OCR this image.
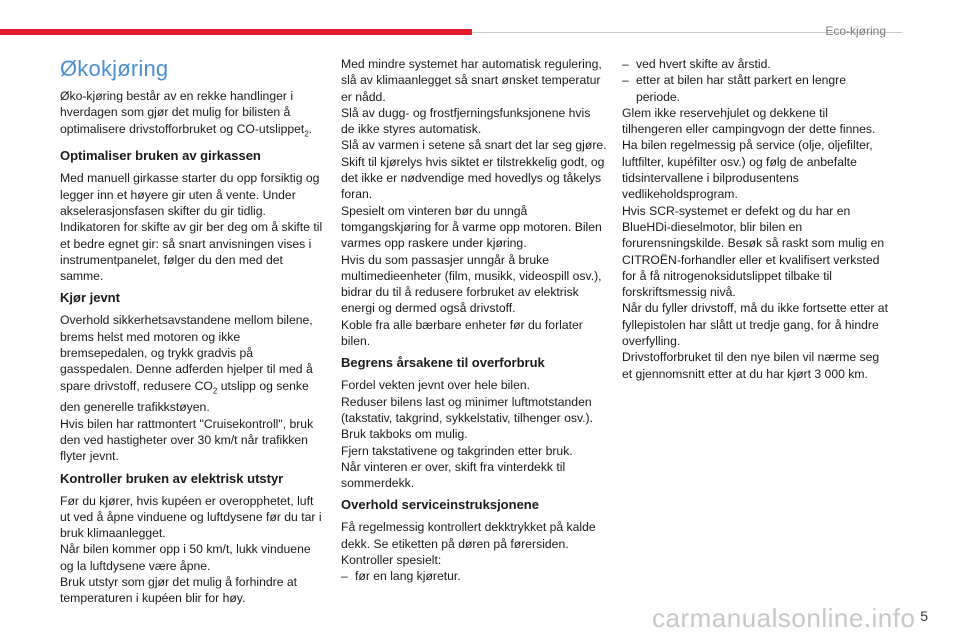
Eco-kjøring
Økokjøring

Øko-kjøring består av en rekke handlinger i hverdagen som gjør det mulig for bilisten å optimalisere drivstofforbruket og CO-utslippet$_2$.

Optimaliser bruken av girkassen

Med manuell girkasse starter du opp forsiktig og legger inn et høyere gir uten å vente. Under akselerasjonsfasen skifter du gir tidlig.

Indikatoren for skifte av gir ber deg om å skifte til et bedre egnet gir: så snart anvisningen vises i instrumentpanelet, følger du den med det samme.

Kjør jevnt

Overhold sikkerhetsavstandene mellom bilene, brems helst med motoren og ikke bremsepedalen, og trykk gradvis på gasspedalen. Denne adferden hjelper til med å spare drivstoff, redusere $CO_2$ utslipp og senke den generelle trafikkstøyen.

Hvis bilen har rattmontert "Cruisekontroll", bruk den ved hastigheter over 30 km/t når trafikken flyter jevnt.

Kontroller bruken av elektrisk utstyr

Før du kjører, hvis kupéen er overopphetet, luft ut ved å åpne vinduene og luftdysene før du tar i bruk klimaanlegget.

Når bilen kommer opp i 50 km/t, lukk vinduene og la luftdysene være åpne.

Bruk utstyr som gjør det mulig å forhindre at temperaturen i kupéen blir for høy.

Med mindre systemet har automatisk regulering, slå av klimaanlegget så snart ønsket temperatur er nådd.

Slå av dugg- og frostfjerningsfunksjonene hvis de ikke styres automatisk.

Slå av varmen i setene så snart det lar seg gjøre.

Skift til kjørelys hvis siktet er tilstrekkelig godt, og det ikke er nødvendige med hovedlys og tåkelys foran.

Spesielt om vinteren bør du unngå tomgangskjøring for å varme opp motoren. Bilen varmes opp raskere under kjøring.

Hvis du som passasjer unngår å bruke multimedieenheter (film, musikk, videospill osv.), bidrar du til å redusere forbruket av elektrisk energi og dermed også drivstoff.

Koble fra alle bærbare enheter før du forlater bilen.

Begrens årsakene til overforbruk

Fordel vekten jevnt over hele bilen.

Reduser bilens last og minimer luftmotstanden (takstativ, takgrind, sykkelstativ, tilhenger osv.).

Bruk takboks om mulig.

Fjern takstativene og takgrinden etter bruk.

Når vinteren er over, skift fra vinterdekk til sommerdekk.

Overhold serviceinstruksjonene

Få regelmessig kontrollert dekktrykket på kalde dekk. Se etiketten på døren på førersiden.

Kontroller spesielt:

– før en lang kjøretur.
– ved hvert skifte av årstid.
– etter at bilen har stått parkert en lengre periode.

Glem ikke reservehjulet og dekkene til tilhengeren eller campingvogn der dette finnes.

Ha bilen regelmessig på service (olje, oljefilter, luftfilter, kupéfilter osv.) og følg de anbefalte tidsintervallene i bilprodusentens vedlikeholdsprogram.

Hvis SCR-systemet er defekt og du har en BlueHDi-dieselmotor, blir bilen en forurensningskilde. Besøk så raskt som mulig en CITROËN-forhandler eller et kvalifisert verksted for å få nitrogenoksidutslippet tilbake til forskriftsmessig nivå.

Når du fyller drivstoff, må du ikke fortsette etter at fyllepistolen har slått ut tredje gang, for å hindre overfylling.

Drivstofforbruket til den nye bilen vil nærme seg et gjennomsnitt etter at du har kjørt 3 000 km.

carmanualsonline.info 5
